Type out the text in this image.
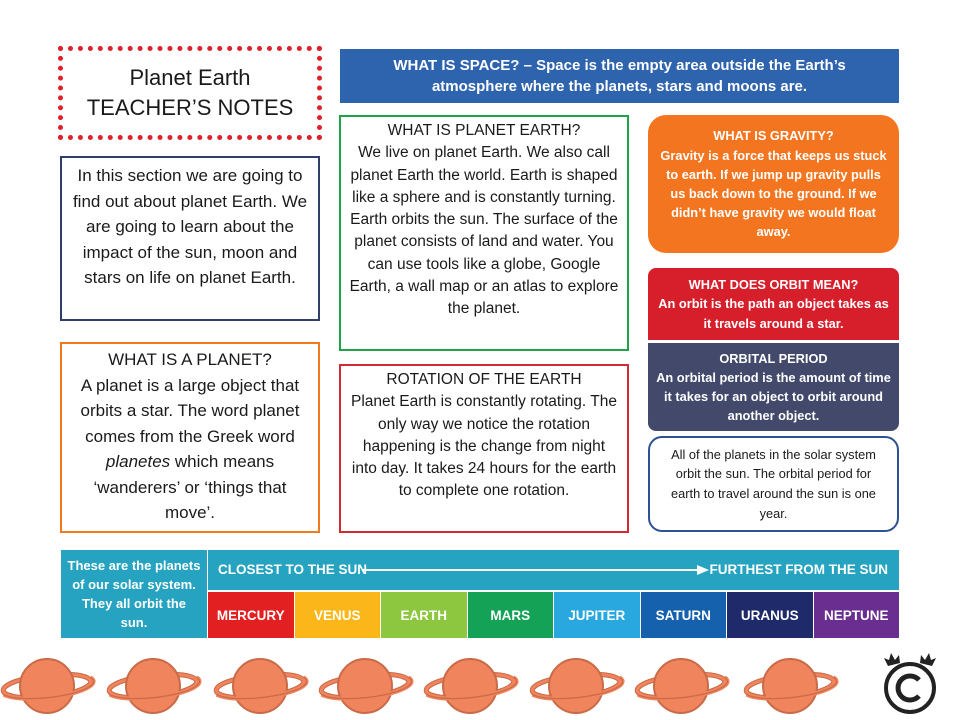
Planet Earth
TEACHER’S NOTES
WHAT IS SPACE? – Space is the empty area outside the Earth’s atmosphere where the planets, stars and moons are.

In this section we are going to find out about planet Earth. We are going to learn about the impact of the sun, moon and stars on life on planet Earth.

WHAT IS PLANET EARTH?
We live on planet Earth. We also call planet Earth the world. Earth is shaped like a sphere and is constantly turning. Earth orbits the sun. The surface of the planet consists of land and water. You can use tools like a globe, Google Earth, a wall map or an atlas to explore the planet.
WHAT IS A PLANET?
A planet is a large object that orbits a star. The word planet comes from the Greek word planetes which means ‘wanderers’ or ‘things that move’.
ROTATION OF THE EARTH
Planet Earth is constantly rotating. The only way we notice the rotation happening is the change from night into day. It takes 24 hours for the earth to complete one rotation.
WHAT IS GRAVITY?
Gravity is a force that keeps us stuck to earth. If we jump up gravity pulls us back down to the ground. If we didn’t have gravity we would float away.
WHAT DOES ORBIT MEAN?
An orbit is the path an object takes as it travels around a star.
ORBITAL PERIOD
An orbital period is the amount of time it takes for an object to orbit around another object.
All of the planets in the solar system orbit the sun. The orbital period for earth to travel around the sun is one year.
These are the planets of our solar system. They all orbit the sun.
CLOSEST TO THE SUN	FURTHEST FROM THE SUN
MERCURY	VENUS	EARTH	MARS	JUPITER	SATURN	URANUS	NEPTUNE
